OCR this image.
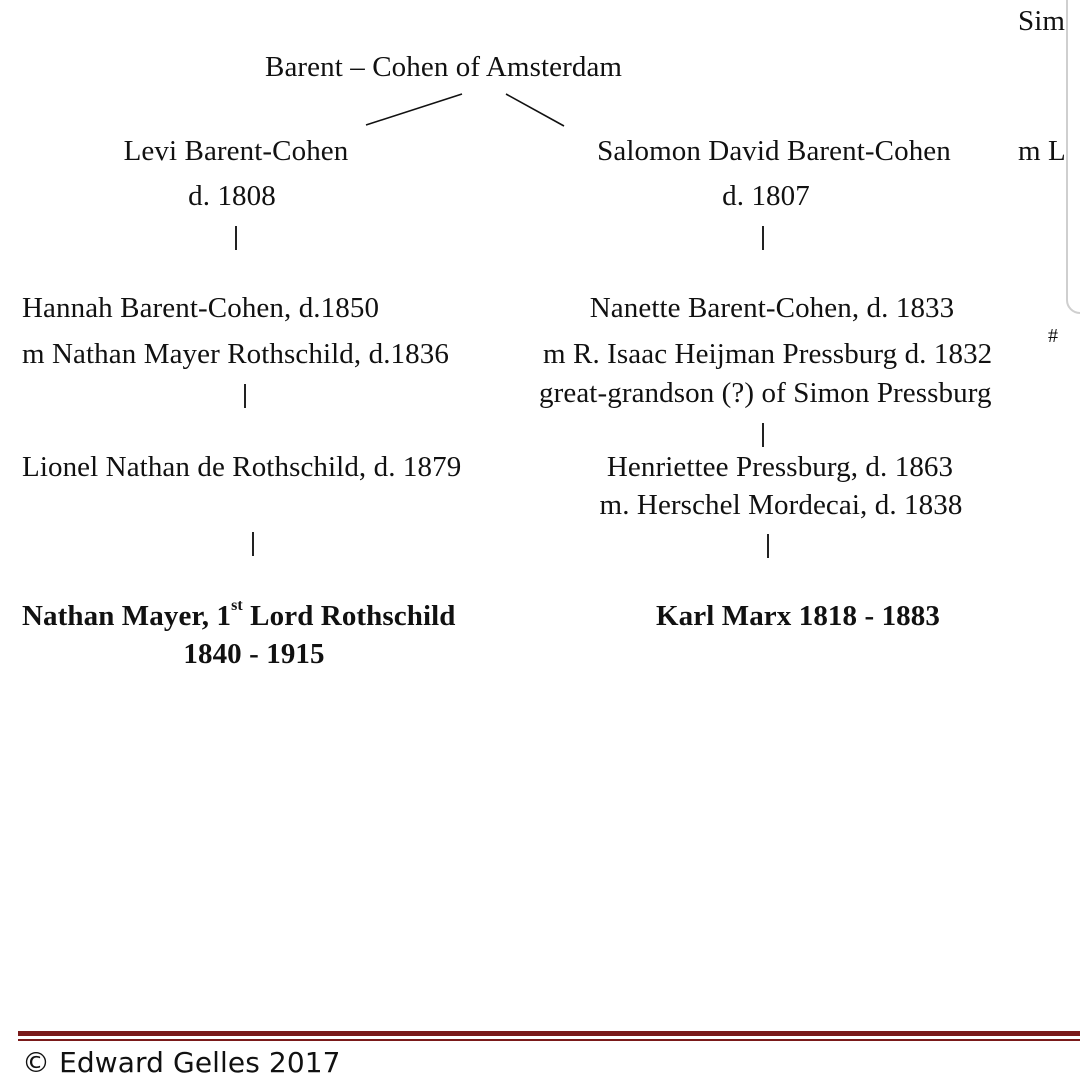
Barent – Cohen of Amsterdam
Levi Barent-Cohen
d. 1808
Hannah Barent-Cohen, d.1850
m Nathan Mayer Rothschild, d.1836
Lionel Nathan de Rothschild, d. 1879
Nathan Mayer, 1st Lord Rothschild
1840 - 1915
Salomon David Barent-Cohen
d. 1807
Nanette Barent-Cohen, d. 1833
m R. Isaac Heijman Pressburg d. 1832
#
great-grandson (?) of Simon Pressburg
Henriettee Pressburg, d. 1863
m. Herschel Mordecai, d. 1838
Karl Marx 1818 - 1883
Sim
m L
© Edward Gelles 2017
